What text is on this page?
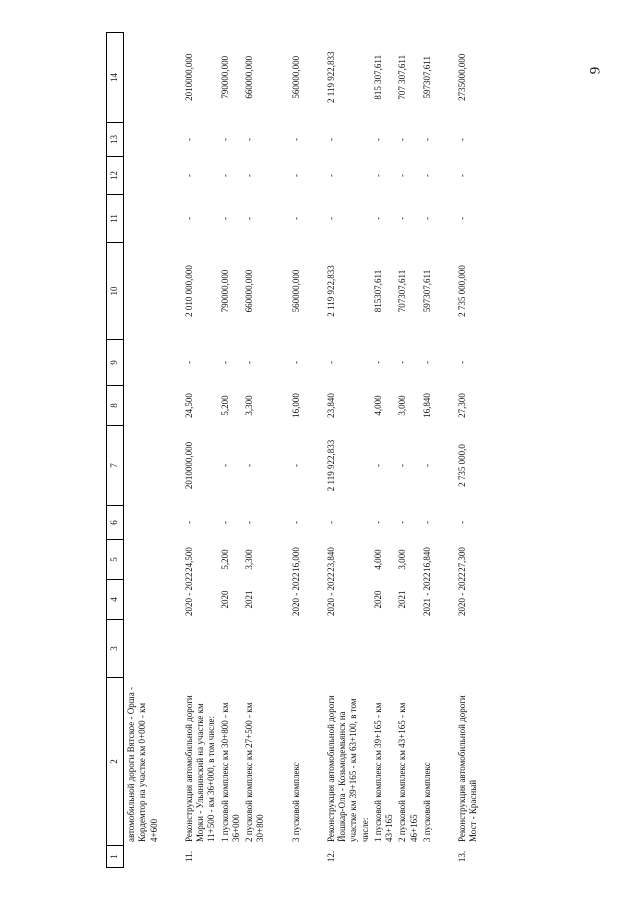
9
1	2	3	4	5	6	7	8	9	10	11	12	13	14
	автомобильной дороги Вятское - Оршa - Кордемтор на участке км 0+000 - км 4+600												

11.	Реконструкция автомобильной дороги Морки - Ульянинский на участке км 11+500 - км 36+000, в том числе:		2020 - 2022	24,500	-	2010000,000	24,500	-	2 010 000,000	-	-	-	2010000,000
	1 пусковой комплекс км 30+800 - км 36+000		2020	5,200	-	-	5,200	-	790000,000	-	-	-	790000,000
	2 пусковой комплекс км 27+500 - км 30+800		2021	3,300	-	-	3,300	-	660000,000	-	-	-	660000,000

	3 пусковой комплекс		2020 - 2022	16,000	-	-	16,000	-	560000,000	-	-	-	560000,000

12.	Реконструкция автомобильной дороги Йошкар-Ола - Козьмодемьянск на участке км 39+165 - км 63+100, в том числе:		2020 - 2022	23,840	-	2 119 922,833	23,840	-	2 119 922,833	-	-	-	2 119 922,833
	1 пусковой комплекс км 39+165 - км 43+165		2020	4,000	-	-	4,000	-	815307,611	-	-	-	815 307,611
	2 пусковой комплекс км 43+165 - км 46+165		2021	3,000	-	-	3,000	-	707307,611	-	-	-	707 307,611
	3 пусковой комплекс		2021 - 2022	16,840	-	-	16,840	-	597307,611	-	-	-	597307,611

13.	Реконструкция автомобильной дороги Мост - Красный		2020 - 2022	27,300	-	2 735 000,0	27,300	-	2 735 000,000	-	-	-	2735000,000
